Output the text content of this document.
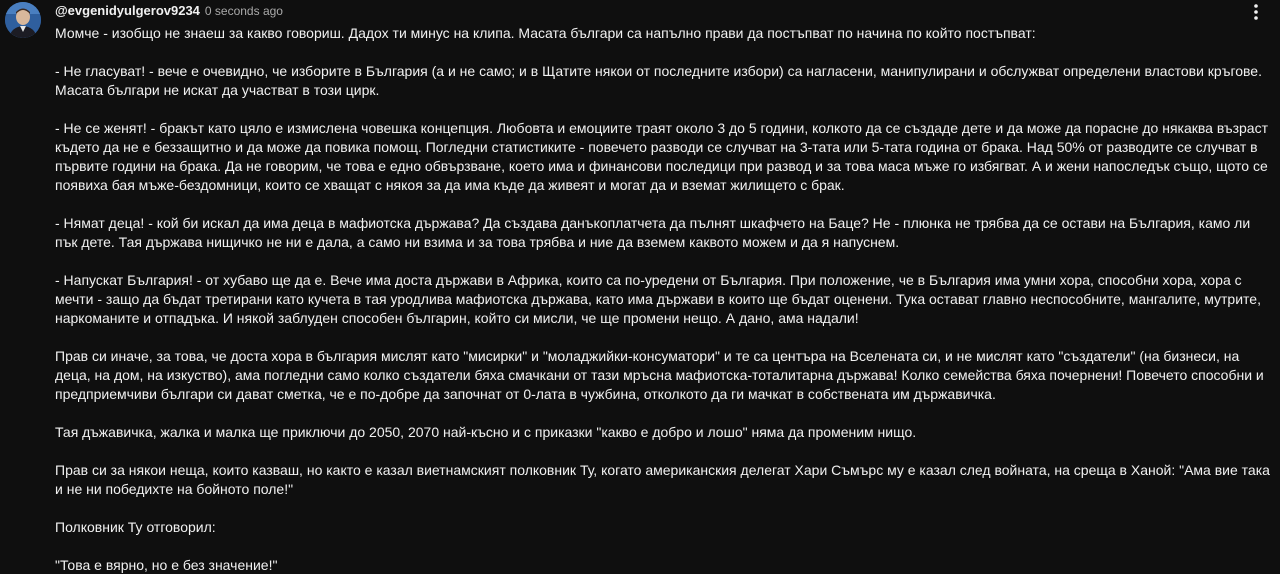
@evgenidyulgerov9234 0 seconds ago

Момче - изобщо не знаеш за какво говориш. Дадох ти минус на клипа. Масата българи са напълно прави да постъпват по начина по който постъпват:

- Не гласуват! - вече е очевидно, че изборите в България (а и не само; и в Щатите някои от последните избори) са нагласени, манипулирани и обслужват определени властови кръгове. Масата българи не искат да участват в този цирк.

- Не се женят! - бракът като цяло е измислена човешка концепция. Любовта и емоциите траят около 3 до 5 години, колкото да се създаде дете и да може да порасне до някаква възраст където да не е беззащитно и да може да повика помощ. Погледни статистиките - повечето разводи се случват на 3-тата или 5-тата година от брака. Над 50% от разводите се случват в първите години на брака. Да не говорим, че това е едно обвързване, което има и финансови последици при развод и за това маса мъже го избягват. А и жени напоследък също, щото се появиха бая мъже-бездомници, които се хващат с някоя за да има къде да живеят и могат да и вземат жилището с брак.

- Нямат деца! - кой би искал да има деца в мафиотска държава? Да създава данъкоплатчета да пълнят шкафчето на Баце? Не - плюнка не трябва да се остави на България, камо ли пък дете. Тая държава нищичко не ни е дала, а само ни взима и за това трябва и ние да вземем каквото можем и да я напуснем.

- Напускат България! - от хубаво ще да е. Вече има доста държави в Африка, които са по-уредени от България. При положение, че в България има умни хора, способни хора, хора с мечти - защо да бъдат третирани като кучета в тая уродлива мафиотска държава, като има държави в които ще бъдат оценени. Тука остават главно неспособните, мангалите, мутрите, наркоманите и отпадъка. И някой заблуден способен българин, който си мисли, че ще промени нещо. А дано, ама надали!

Прав си иначе, за това, че доста хора в българия мислят като "мисирки" и "моладжийки-консуматори" и те са центъра на Вселената си, и не мислят като "създатели" (на бизнеси, на деца, на дом, на изкуство), ама погледни само колко създатели бяха смачкани от тази мръсна мафиотска-тоталитарна държава! Колко семейства бяха почернени! Повечето способни и предприемчиви българи си дават сметка, че е по-добре да започнат от 0-лата в чужбина, отколкото да ги мачкат в собствената им държавичка.

Тая дъжавичка, жалка и малка ще приключи до 2050, 2070 най-късно и с приказки "какво е добро и лошо" няма да променим нищо.

Прав си за някои неща, които казваш, но както е казал виетнамският полковник Ту, когато американския делегат Хари Съмърс му е казал след войната, на среща в Ханой: "Ама вие така и не ни победихте на бойното поле!"

Полковник Ту отговорил:

"Това е вярно, но е без значение!"
